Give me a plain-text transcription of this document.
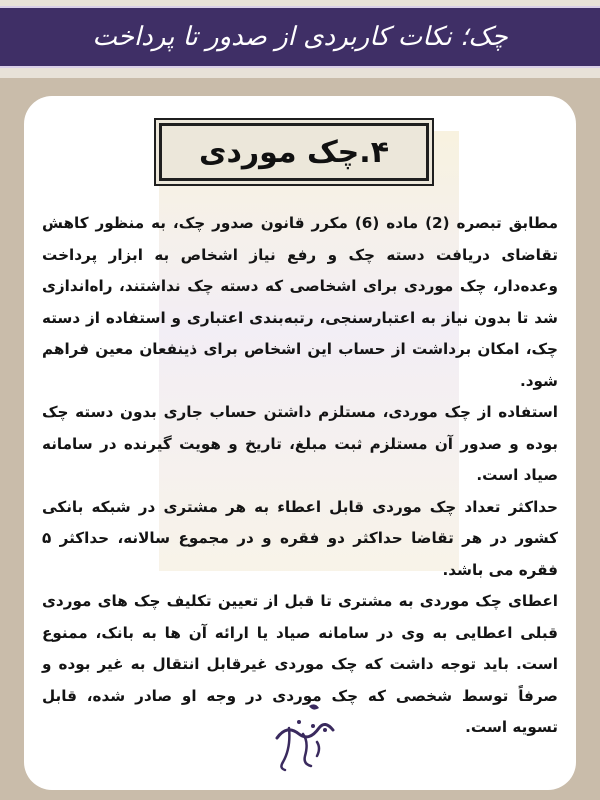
چک؛ نکات کاربردی از صدور تا پرداخت
۴.چک موردی

مطابق تبصره (2) ماده (6) مکرر قانون صدور چک، به منظور کاهش تقاضای دریافت دسته چک و رفع نیاز اشخاص به ابزار پرداخت وعده‌دار، چک موردی برای اشخاصی که دسته چک نداشتند، راه‌اندازی شد تا بدون نیاز به اعتبارسنجی، رتبه‌بندی اعتباری و استفاده از دسته چک، امکان برداشت از حساب این اشخاص برای ذینفعان معین فراهم شود.

استفاده از چک موردی، مستلزم داشتن حساب جاری بدون دسته چک بوده و صدور آن مستلزم ثبت مبلغ، تاریخ و هویت گیرنده در سامانه صیاد است.

حداکثر تعداد چک موردی قابل اعطاء به هر مشتری در شبکه بانکی کشور در هر تقاضا حداکثر دو فقره و در مجموع سالانه، حداکثر ۵ فقره می باشد.

اعطای چک موردی به مشتری تا قبل از تعیین تکلیف چک های موردی قبلی اعطایی به وی در سامانه صیاد یا ارائه آن ها به بانک، ممنوع است. باید توجه داشت که چک موردی غیرقابل انتقال به غیر بوده و صرفاً توسط شخصی که چک موردی در وجه او صادر شده، قابل تسویه است.
